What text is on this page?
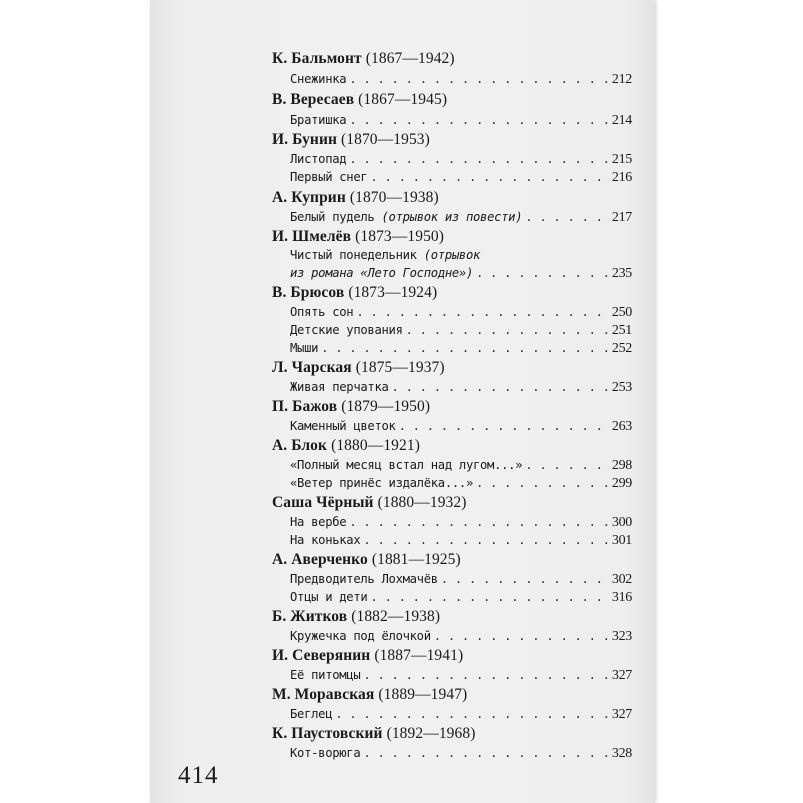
К. Бальмонт (1867—1942)
Снежинка . . .	212
В. Вересаев (1867—1945)
Братишка . . .	214
И. Бунин (1870—1953)
Листопад . . .	215
Первый снег . . .	216
А. Куприн (1870—1938)
Белый пудель (отрывок из повести) . . .	217
И. Шмелёв (1873—1950)
Чистый понедельник (отрывок
из романа «Лето Господне») . . .	235
В. Брюсов (1873—1924)
Опять сон . . .	250
Детские упования . . .	251
Мыши . . .	252
Л. Чарская (1875—1937)
Живая перчатка . . .	253
П. Бажов (1879—1950)
Каменный цветок . . .	263
А. Блок (1880—1921)
«Полный месяц встал над лугом...» . . .	298
«Ветер принёс издалёка...» . . .	299
Саша Чёрный (1880—1932)
На вербе . . .	300
На коньках . . .	301
А. Аверченко (1881—1925)
Предводитель Лохмачёв . . .	302
Отцы и дети . . .	316
Б. Житков (1882—1938)
Кружечка под ёлочкой . . .	323
И. Северянин (1887—1941)
Её питомцы . . .	327
М. Моравская (1889—1947)
Беглец . . .	327
К. Паустовский (1892—1968)
Кот-ворюга . . .	328
414
